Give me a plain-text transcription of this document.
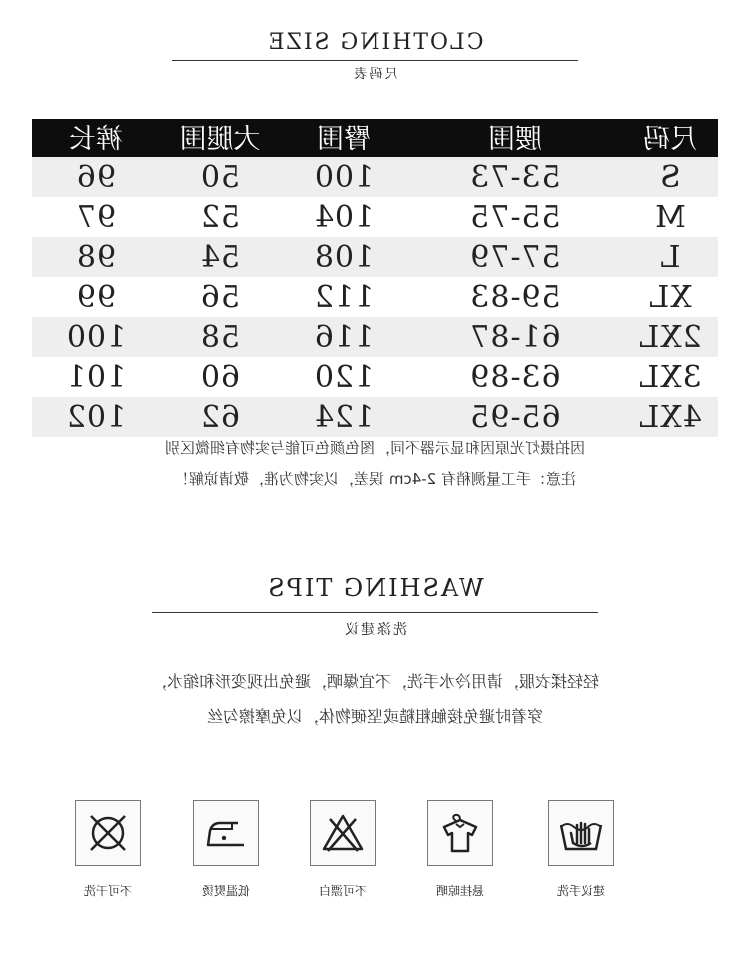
CLOTHING SIZE
尺码表
尺码
腰围
臀围
大腿围
裤长
S
53-73
100
50
96
M
55-75
104
52
97
L
57-79
108
54
98
XL
59-83
112
56
99
2XL
61-87
116
58
100
3XL
63-89
120
60
101
4XL
65-95
124
62
102
因拍摄灯光原因和显示器不同，图色颜色可能与实物有细微区别
注意：手工量测稍有 2-4cm 误差，以实物为准，敬请谅解！
WASHING TIPS
洗涤建议
轻轻揉衣服，请用冷水手洗，不宜爆晒，避免出现变形和缩水，
穿着时避免接触粗糙或坚硬物体，以免摩擦勾丝
建议手洗
悬挂晾晒
不可漂白
低温熨烫
不可干洗
